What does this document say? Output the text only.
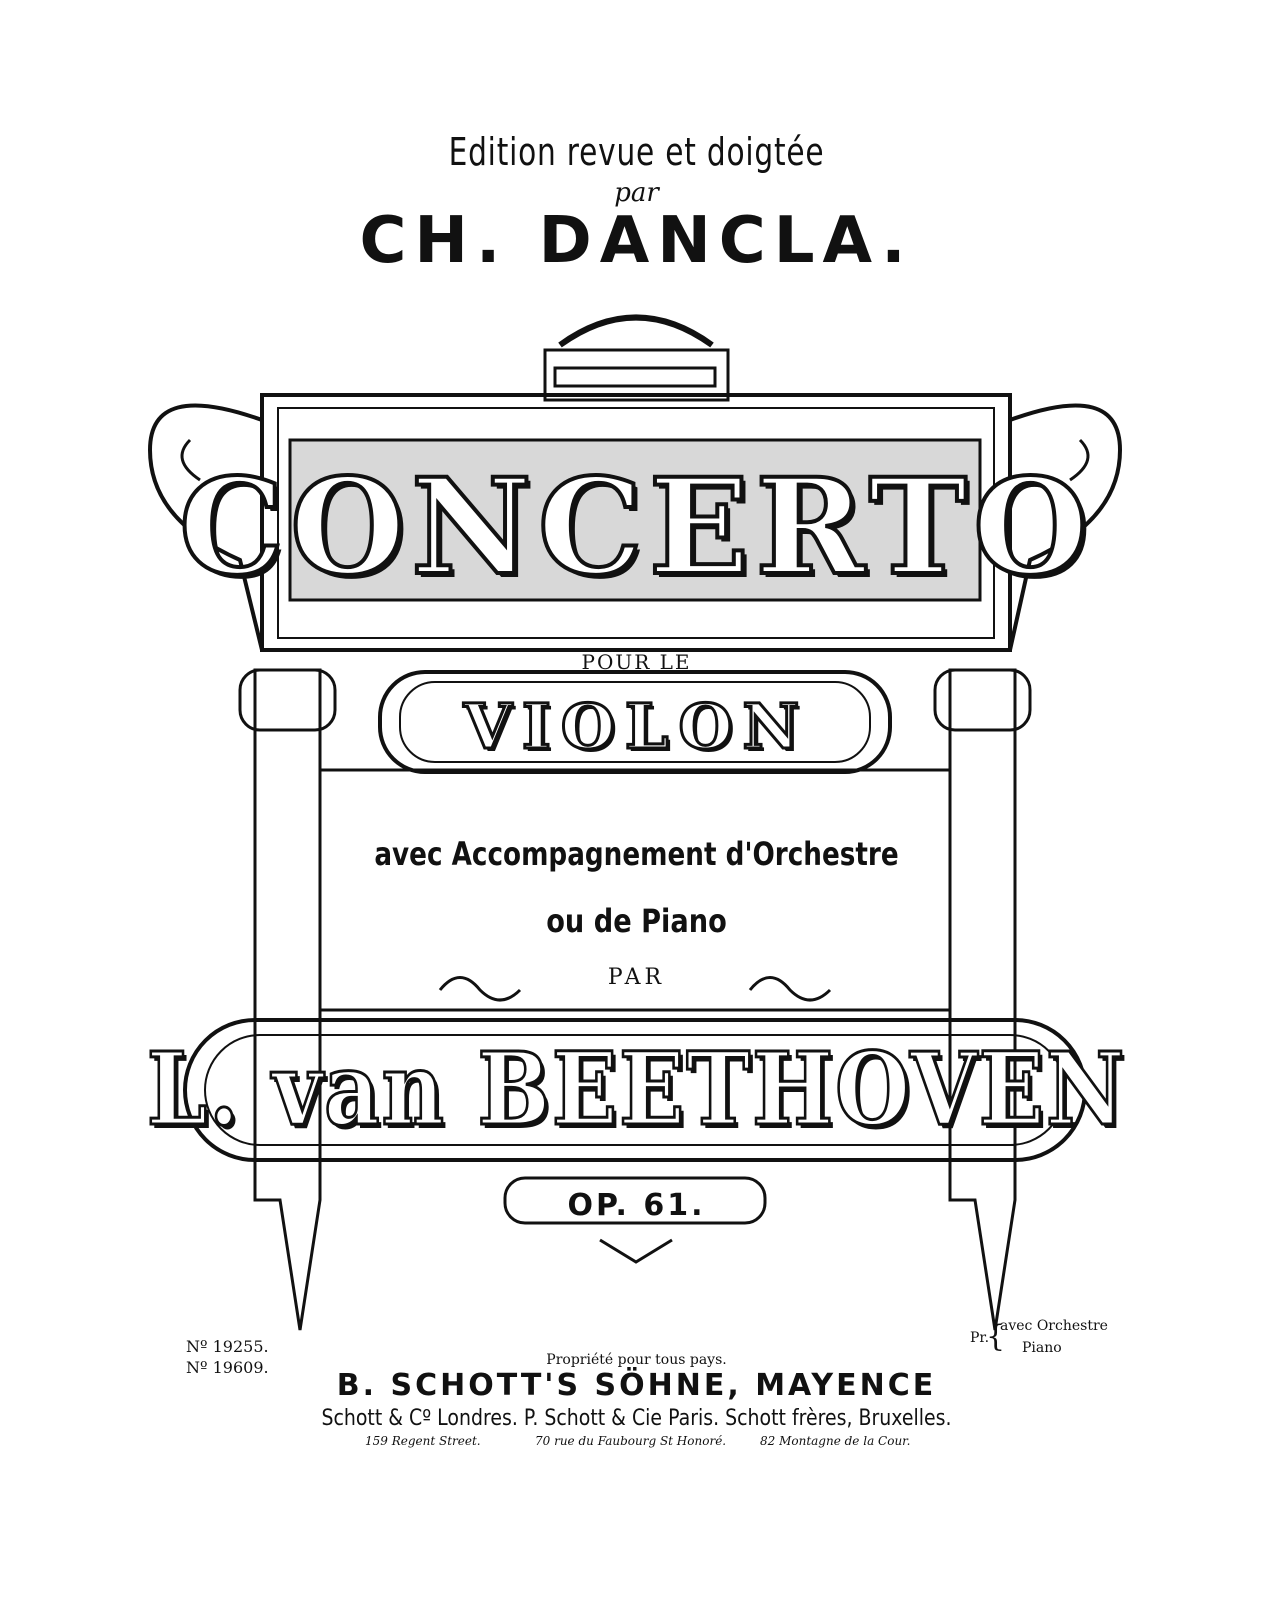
Edition revue et doigtée
par
CH. DANCLA.
CONCERTO
POUR LE
VIOLON
avec Accompagnement d'Orchestre
ou de Piano
PAR
L. van BEETHOVEN
OP. 61.
Nº 19255.
Nº 19609.
Pr.
{
avec Orchestre
Piano
Propriété pour tous pays.
B. SCHOTT'S SÖHNE, MAYENCE
Schott & Cº Londres. P. Schott & Cie Paris. Schott frères, Bruxelles.
159 Regent Street.	70 rue du Faubourg St Honoré.	82 Montagne de la Cour.
